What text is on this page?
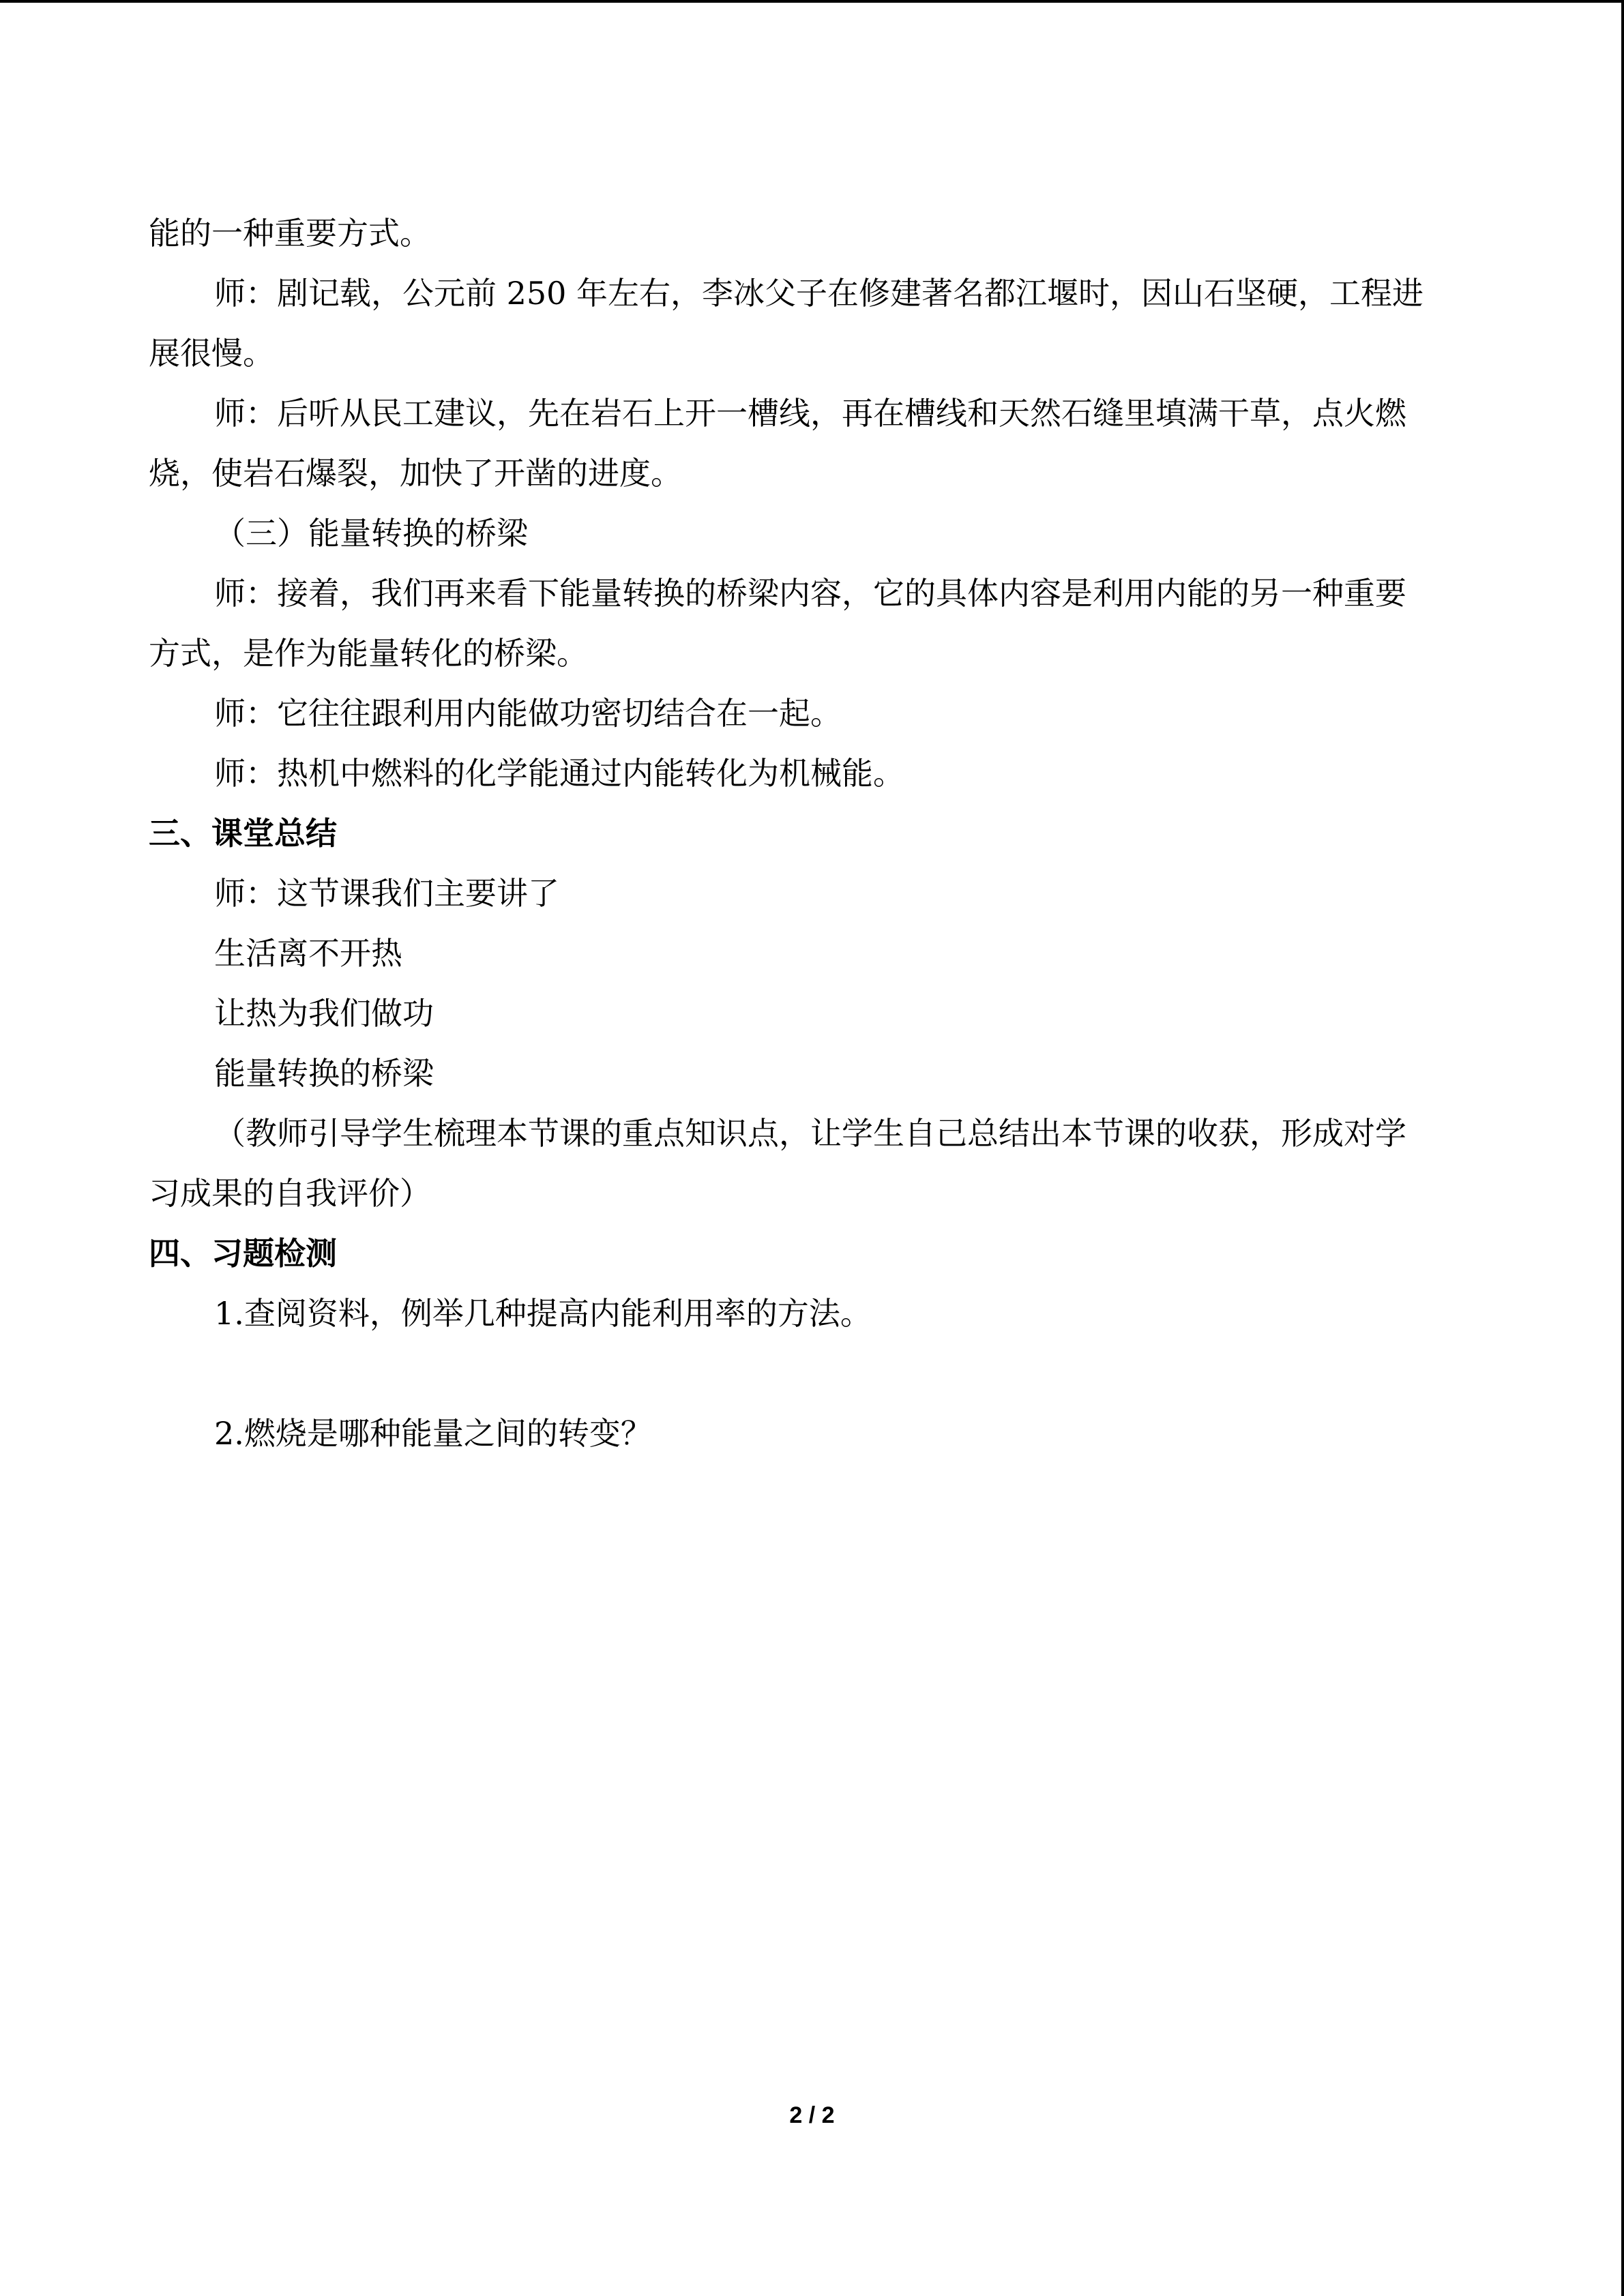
能的一种重要方式。
师：剧记载，公元前 250 年左右，李冰父子在修建著名都江堰时，因山石坚硬，工程进
展很慢。
师：后听从民工建议，先在岩石上开一槽线，再在槽线和天然石缝里填满干草，点火燃
烧，使岩石爆裂，加快了开凿的进度。
（三）能量转换的桥梁
师：接着，我们再来看下能量转换的桥梁内容，它的具体内容是利用内能的另一种重要
方式，是作为能量转化的桥梁。
师：它往往跟利用内能做功密切结合在一起。
师：热机中燃料的化学能通过内能转化为机械能。
三、课堂总结
师：这节课我们主要讲了
生活离不开热
让热为我们做功
能量转换的桥梁
（教师引导学生梳理本节课的重点知识点，让学生自己总结出本节课的收获，形成对学
习成果的自我评价）
四、习题检测
1.查阅资料，例举几种提高内能利用率的方法。
2.燃烧是哪种能量之间的转变？
2 / 2
